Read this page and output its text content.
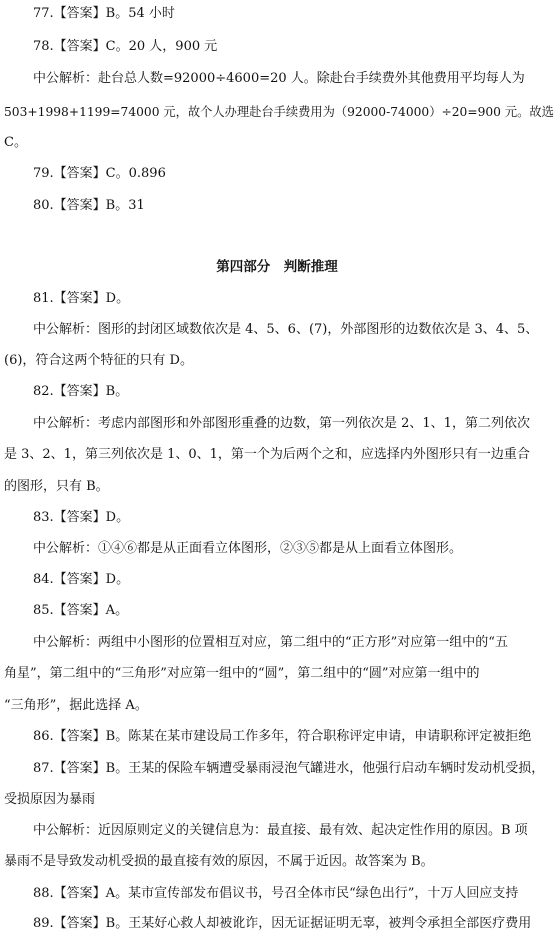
77.【答案】B。54 小时
78.【答案】C。20 人，900 元
中公解析：赴台总人数=92000÷4600=20 人。除赴台手续费外其他费用平均每人为
503+1998+1199=74000 元，故个人办理赴台手续费用为（92000-74000）÷20=900 元。故选
C。
79.【答案】C。0.896
80.【答案】B。31
第四部分　判断推理
81.【答案】D。
中公解析：图形的封闭区域数依次是 4、5、6、(7)，外部图形的边数依次是 3、4、5、
(6)，符合这两个特征的只有 D。
82.【答案】B。
中公解析：考虑内部图形和外部图形重叠的边数，第一列依次是 2、1、1，第二列依次
是 3、2、1，第三列依次是 1、0、1，第一个为后两个之和，应选择内外图形只有一边重合
的图形，只有 B。
83.【答案】D。
中公解析：①④⑥都是从正面看立体图形，②③⑤都是从上面看立体图形。
84.【答案】D。
85.【答案】A。
中公解析：两组中小图形的位置相互对应，第二组中的“正方形”对应第一组中的“五
角星”，第二组中的“三角形”对应第一组中的“圆”，第二组中的“圆”对应第一组中的
“三角形”，据此选择 A。
86.【答案】B。陈某在某市建设局工作多年，符合职称评定申请，申请职称评定被拒绝
87.【答案】B。王某的保险车辆遭受暴雨浸泡气罐进水，他强行启动车辆时发动机受损，
受损原因为暴雨
中公解析：近因原则定义的关键信息为：最直接、最有效、起决定性作用的原因。B 项
暴雨不是导致发动机受损的最直接有效的原因，不属于近因。故答案为 B。
88.【答案】A。某市宣传部发布倡议书，号召全体市民“绿色出行”，十万人回应支持
89.【答案】B。王某好心救人却被讹诈，因无证据证明无辜，被判令承担全部医疗费用
